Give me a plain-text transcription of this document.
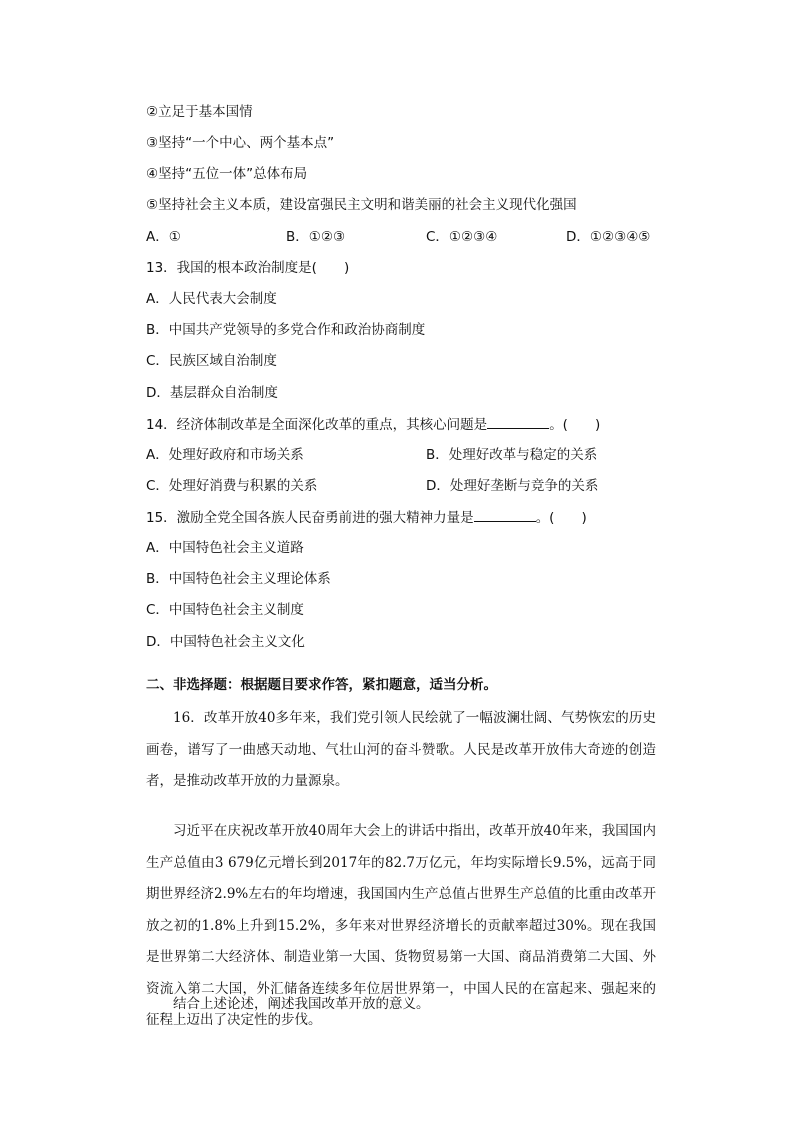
②立足于基本国情
③坚持“一个中心、两个基本点”
④坚持“五位一体”总体布局
⑤坚持社会主义本质，建设富强民主文明和谐美丽的社会主义现代化强国
A．①	B．①②③	C．①②③④	D．①②③④⑤
13．我国的根本政治制度是(　　)
A．人民代表大会制度
B．中国共产党领导的多党合作和政治协商制度
C．民族区域自治制度
D．基层群众自治制度
14．经济体制改革是全面深化改革的重点，其核心问题是	。(　　)
A．处理好政府和市场关系	B．处理好改革与稳定的关系
C．处理好消费与积累的关系	D．处理好垄断与竞争的关系
15．激励全党全国各族人民奋勇前进的强大精神力量是	。(　　)
A．中国特色社会主义道路
B．中国特色社会主义理论体系
C．中国特色社会主义制度
D．中国特色社会主义文化
二、非选择题：根据题目要求作答，紧扣题意，适当分析。
16．改革开放40多年来，我们党引领人民绘就了一幅波澜壮阔、气势恢宏的历史画卷，谱写了一曲感天动地、气壮山河的奋斗赞歌。人民是改革开放伟大奇迹的创造者，是推动改革开放的力量源泉。
习近平在庆祝改革开放40周年大会上的讲话中指出，改革开放40年来，我国国内生产总值由3 679亿元增长到2017年的82.7万亿元，年均实际增长9.5%，远高于同期世界经济2.9%左右的年均增速，我国国内生产总值占世界生产总值的比重由改革开放之初的1.8%上升到15.2%，多年来对世界经济增长的贡献率超过30%。现在我国是世界第二大经济体、制造业第一大国、货物贸易第一大国、商品消费第二大国、外资流入第二大国，外汇储备连续多年位居世界第一，中国人民的在富起来、强起来的征程上迈出了决定性的步伐。
结合上述论述，阐述我国改革开放的意义。
